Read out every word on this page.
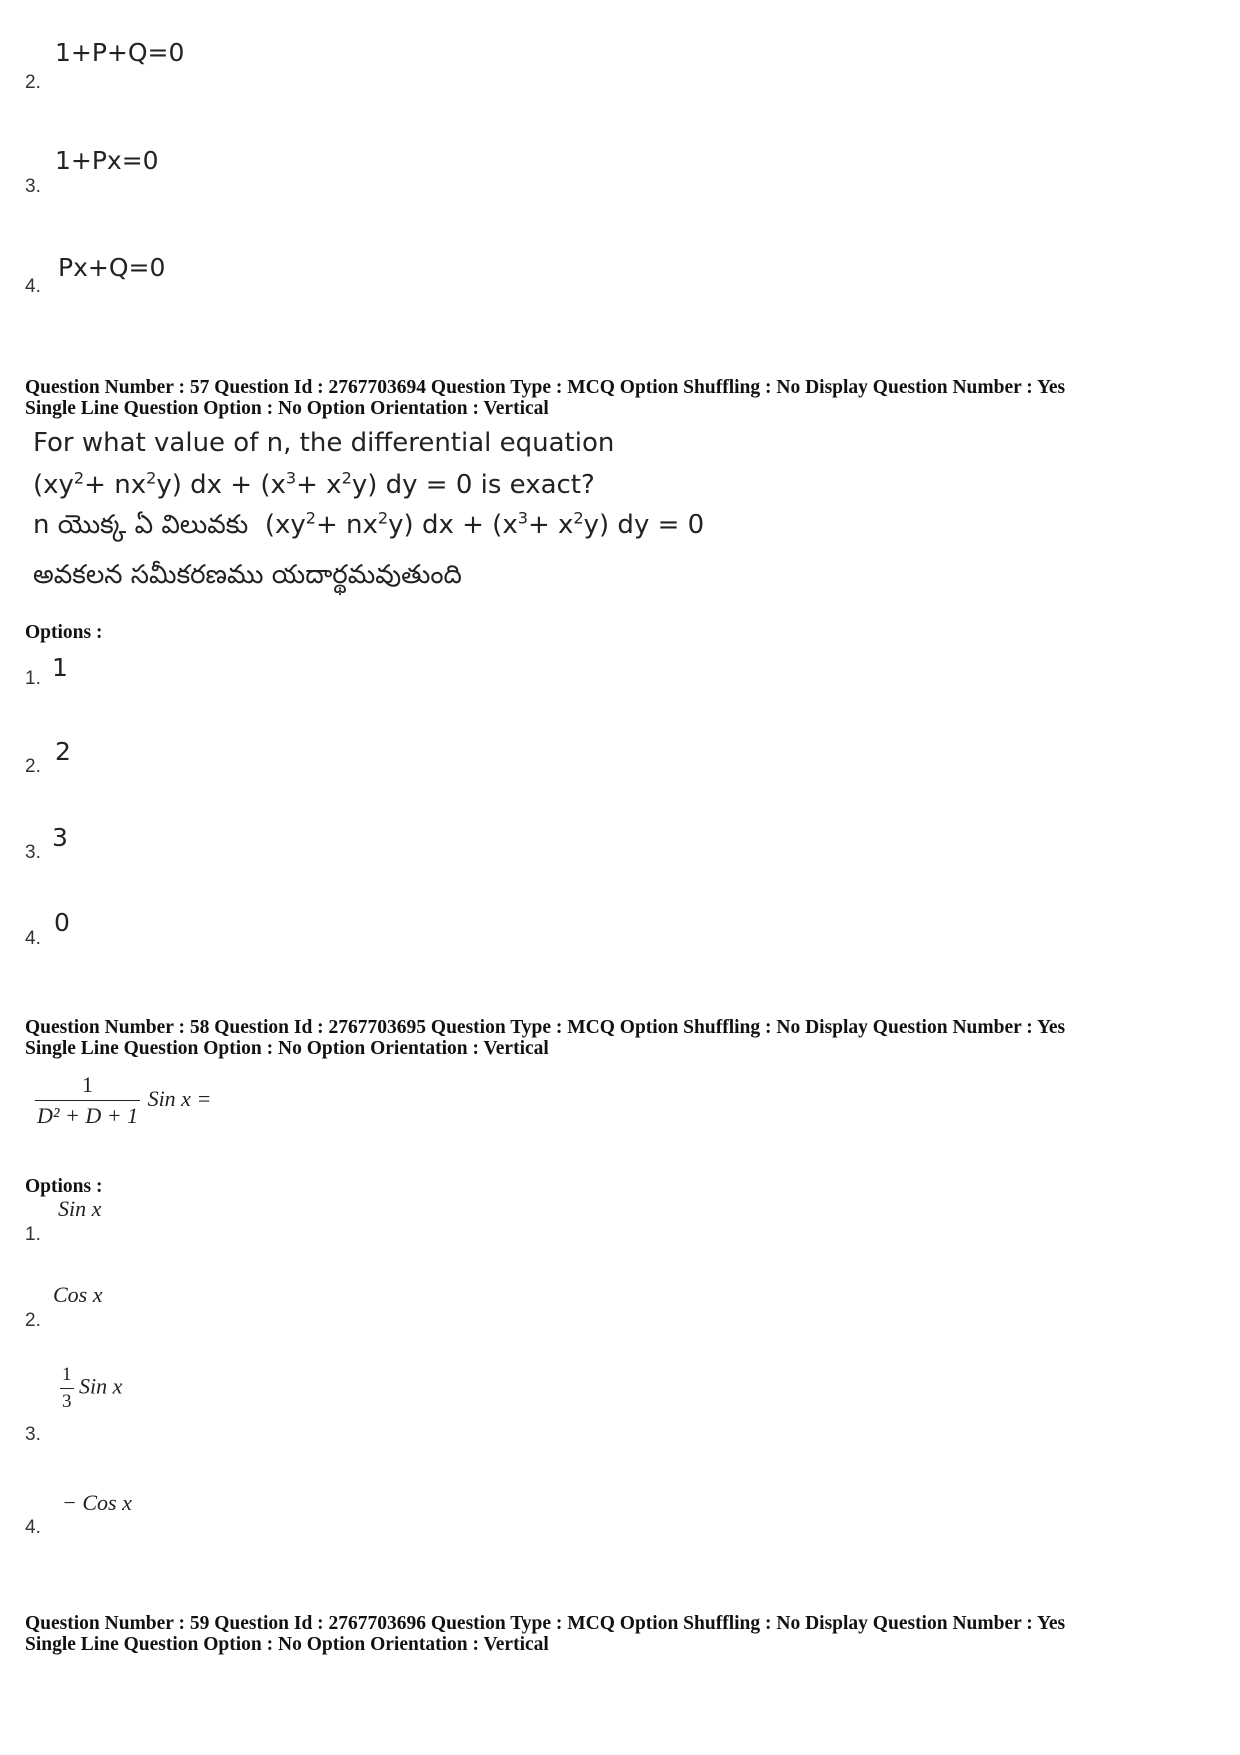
2.
1+P+Q=0
3.
1+Px=0
4.
Px+Q=0
Question Number : 57 Question Id : 2767703694 Question Type : MCQ Option Shuffling : No Display Question Number : Yes
Single Line Question Option : No Option Orientation : Vertical
For what value of n, the differential equation
$(xy^2+ nx^2y)$ dx + $(x^3+ x^2y)$ dy = 0 is exact?
n యొక్క ఏ విలువకు $(xy^2+ nx^2y)$ dx + $(x^3+ x^2y)$ dy = 0
అవకలన సమీకరణము యదార్థమవుతుంది
Options :
1. 1
2.
2
3.
3
4.
0
Question Number : 58 Question Id : 2767703695 Question Type : MCQ Option Shuffling : No Display Question Number : Yes
Single Line Question Option : No Option Orientation : Vertical
$\frac{1}{\text{D² + D + 1}}$ Sin x =
Options :
1.
Sin x
2.
Cos x
3.
$\frac{1}{3}$ Sin x
4.
− Cos x
Question Number : 59 Question Id : 2767703696 Question Type : MCQ Option Shuffling : No Display Question Number : Yes
Single Line Question Option : No Option Orientation : Vertical
